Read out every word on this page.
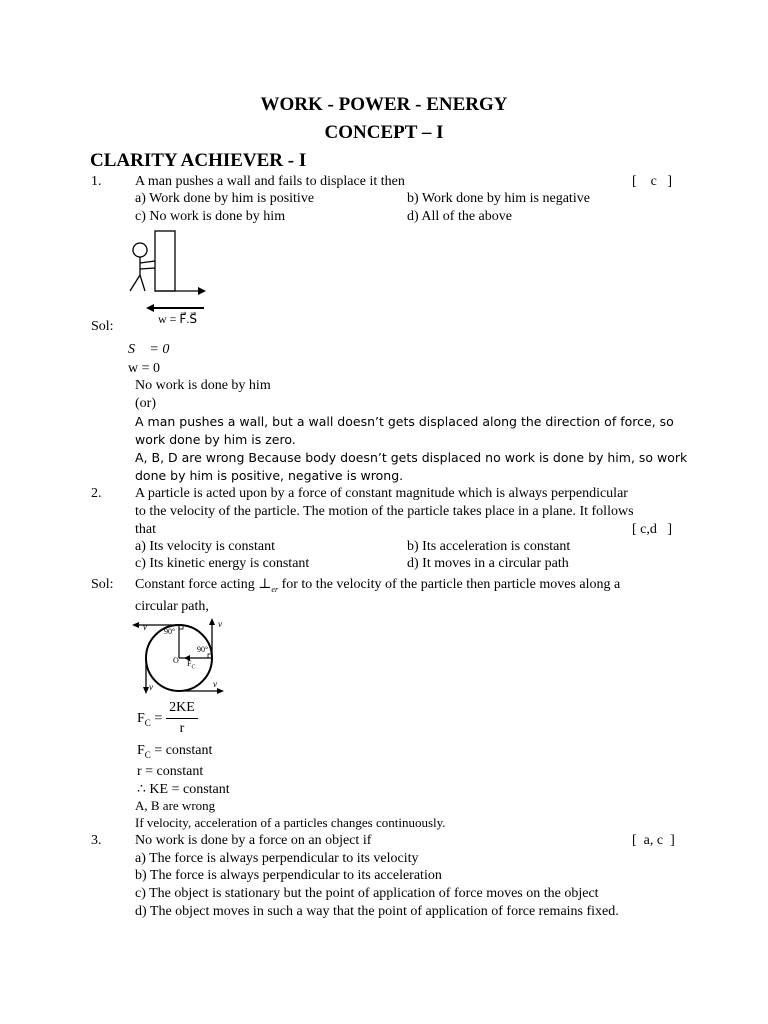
WORK - POWER - ENERGY
CONCEPT – I
CLARITY ACHIEVER - I
1. A man pushes a wall and fails to displace it then	[    c   ]
a) Work done by him is positive	b) Work done by him is negative
c) No work is done by him	d) All of the above
w = F⃗.S⃗
Sol:
S⃗ = 0
w = 0
No work is done by him
(or)
A man pushes a wall, but a wall doesn’t gets displaced along the direction of force, so
work done by him is zero.
A, B, D are wrong Because body doesn’t gets displaced no work is done by him, so work
done by him is positive, negative is wrong.
2. A particle is acted upon by a force of constant magnitude which is always perpendicular
to the velocity of the particle. The motion of the particle takes place in a plane. It follows
that	[ c,d   ]
a) Its velocity is constant	b) Its acceleration is constant
c) Its kinetic energy is constant	d) It moves in a circular path
Sol: Constant force acting $\perp_{er}$ for to the velocity of the particle then particle moves along a
circular path,
v	v
v	v
90°
90°
O $F_C$
$F_C$ =
2KE
r
$F_C$ = constant
r = constant
∴ KE = constant
A, B are wrong
If velocity, acceleration of a particles changes continuously.
3. No work is done by a force on an object if	[  a, c  ]
a) The force is always perpendicular to its velocity
b) The force is always perpendicular to its acceleration
c) The object is stationary but the point of application of force moves on the object
d) The object moves in such a way that the point of application of force remains fixed.
